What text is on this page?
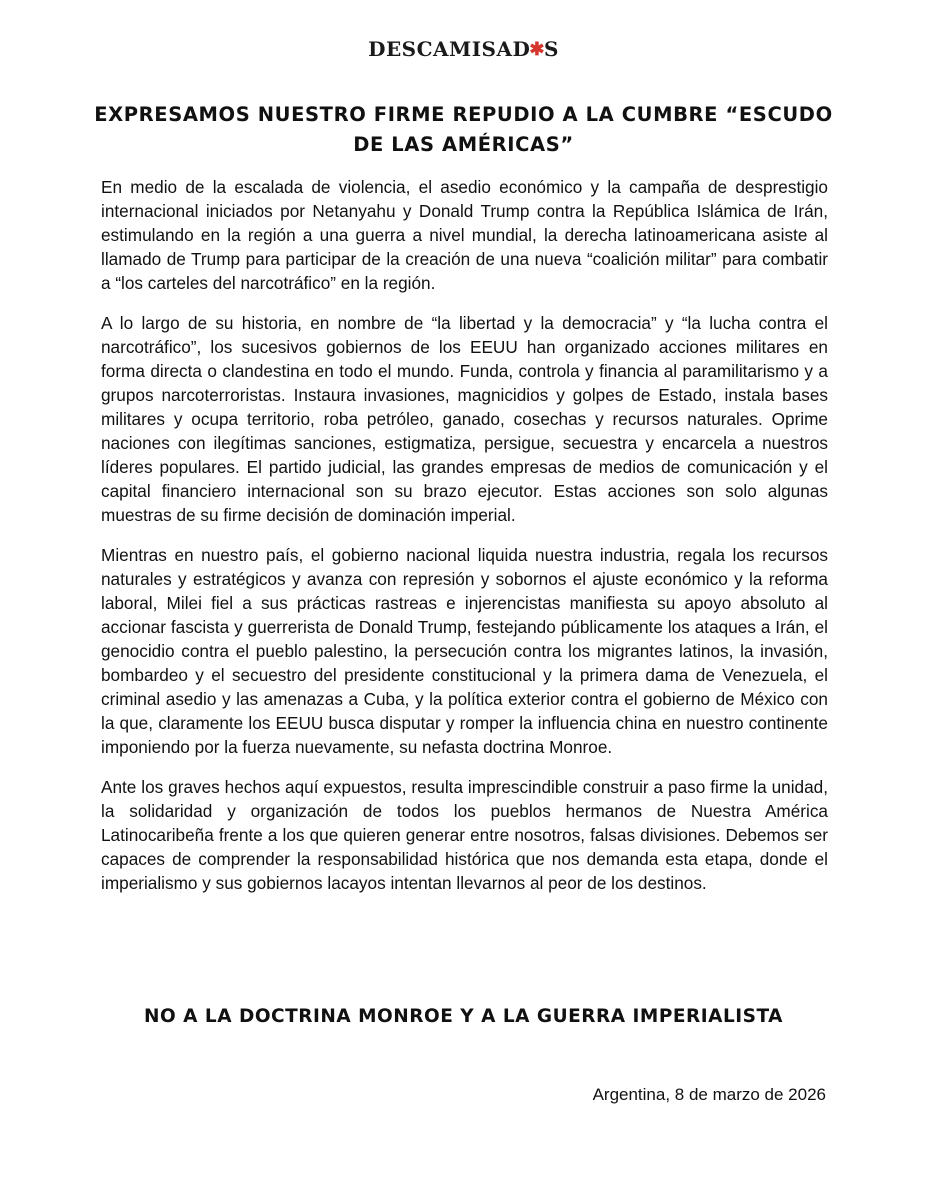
DESCAMISAD✱S
EXPRESAMOS NUESTRO FIRME REPUDIO A LA CUMBRE “ESCUDO
DE LAS AMÉRICAS”

En medio de la escalada de violencia, el asedio económico y la campaña de desprestigio internacional iniciados por Netanyahu y Donald Trump contra la República Islámica de Irán, estimulando en la región a una guerra a nivel mundial, la derecha latinoamericana asiste al llamado de Trump para participar de la creación de una nueva “coalición militar” para combatir a “los carteles del narcotráfico” en la región.

A lo largo de su historia, en nombre de “la libertad y la democracia” y “la lucha contra el narcotráfico”, los sucesivos gobiernos de los EEUU han organizado acciones militares en forma directa o clandestina en todo el mundo. Funda, controla y financia al paramilitarismo y a grupos narcoterroristas. Instaura invasiones, magnicidios y golpes de Estado, instala bases militares y ocupa territorio, roba petróleo, ganado, cosechas y recursos naturales. Oprime naciones con ilegítimas sanciones, estigmatiza, persigue, secuestra y encarcela a nuestros líderes populares. El partido judicial, las grandes empresas de medios de comunicación y el capital financiero internacional son su brazo ejecutor. Estas acciones son solo algunas muestras de su firme decisión de dominación imperial.

Mientras en nuestro país, el gobierno nacional liquida nuestra industria, regala los recursos naturales y estratégicos y avanza con represión y sobornos el ajuste económico y la reforma laboral, Milei fiel a sus prácticas rastreas e injerencistas manifiesta su apoyo absoluto al accionar fascista y guerrerista de Donald Trump, festejando públicamente los ataques a Irán, el genocidio contra el pueblo palestino, la persecución contra los migrantes latinos, la invasión, bombardeo y el secuestro del presidente constitucional y la primera dama de Venezuela, el criminal asedio y las amenazas a Cuba, y la política exterior contra el gobierno de México con la que, claramente los EEUU busca disputar y romper la influencia china en nuestro continente imponiendo por la fuerza nuevamente, su nefasta doctrina Monroe.

Ante los graves hechos aquí expuestos, resulta imprescindible construir a paso firme la unidad, la solidaridad y organización de todos los pueblos hermanos de Nuestra América Latinocaribeña frente a los que quieren generar entre nosotros, falsas divisiones. Debemos ser capaces de comprender la responsabilidad histórica que nos demanda esta etapa, donde el imperialismo y sus gobiernos lacayos intentan llevarnos al peor de los destinos.

NO A LA DOCTRINA MONROE Y A LA GUERRA IMPERIALISTA
Argentina, 8 de marzo de 2026
